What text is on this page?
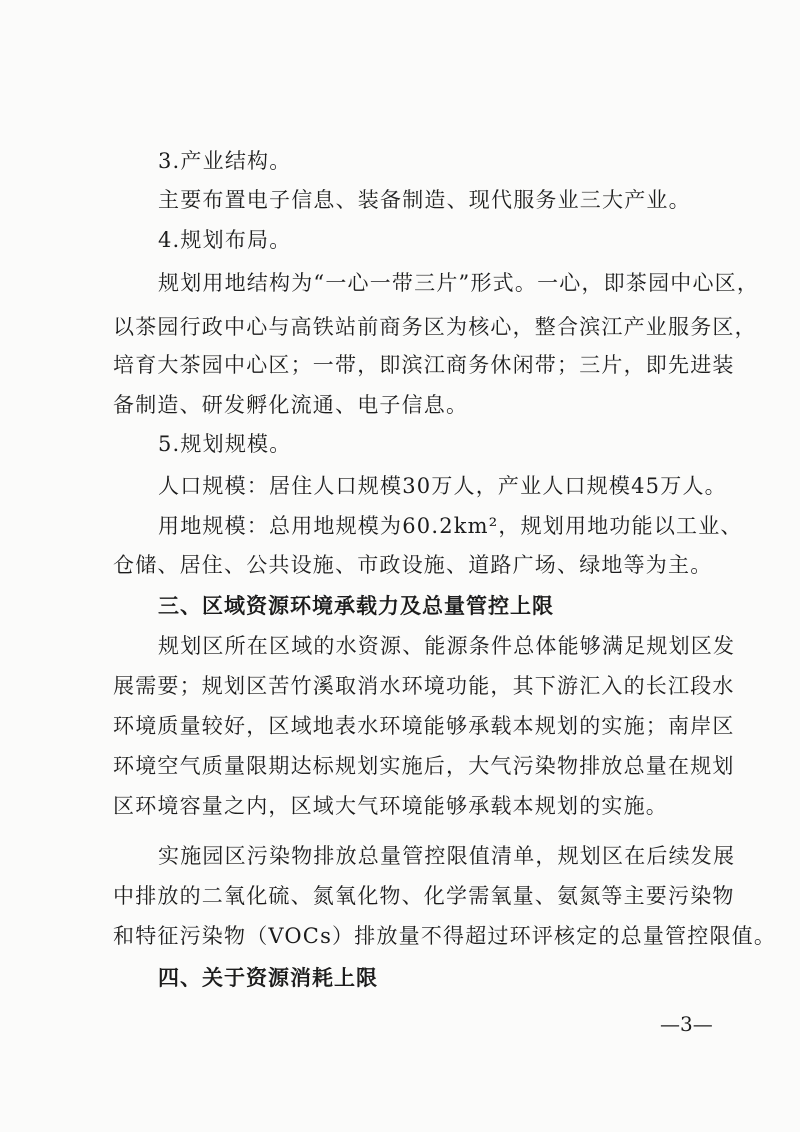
3.产业结构。
主要布置电子信息、装备制造、现代服务业三大产业。
4.规划布局。
规划用地结构为“一心一带三片”形式。一心，即茶园中心区，
以茶园行政中心与高铁站前商务区为核心，整合滨江产业服务区，
培育大茶园中心区；一带，即滨江商务休闲带；三片，即先进装
备制造、研发孵化流通、电子信息。
5.规划规模。
人口规模：居住人口规模30万人，产业人口规模45万人。
用地规模：总用地规模为60.2km²，规划用地功能以工业、
仓储、居住、公共设施、市政设施、道路广场、绿地等为主。
三、区域资源环境承载力及总量管控上限
规划区所在区域的水资源、能源条件总体能够满足规划区发
展需要；规划区苦竹溪取消水环境功能，其下游汇入的长江段水
环境质量较好，区域地表水环境能够承载本规划的实施；南岸区
环境空气质量限期达标规划实施后，大气污染物排放总量在规划
区环境容量之内，区域大气环境能够承载本规划的实施。
实施园区污染物排放总量管控限值清单，规划区在后续发展
中排放的二氧化硫、氮氧化物、化学需氧量、氨氮等主要污染物
和特征污染物（VOCs）排放量不得超过环评核定的总量管控限值。
四、关于资源消耗上限
—3—
